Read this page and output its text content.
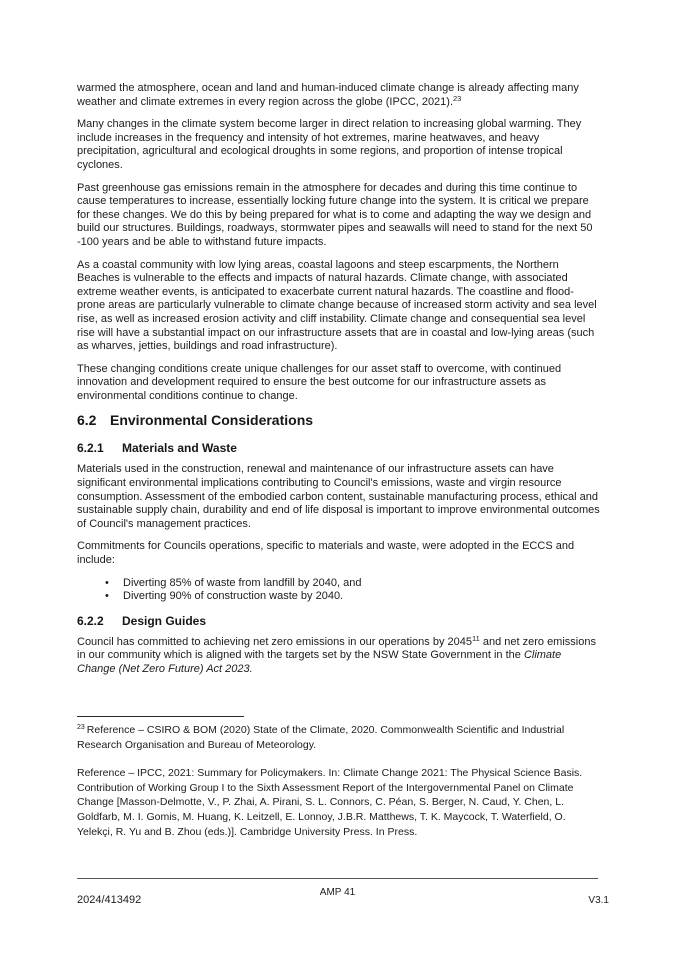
warmed the atmosphere, ocean and land and human-induced climate change is already affecting many weather and climate extremes in every region across the globe (IPCC, 2021).$^{23}$

Many changes in the climate system become larger in direct relation to increasing global warming. They include increases in the frequency and intensity of hot extremes, marine heatwaves, and heavy precipitation, agricultural and ecological droughts in some regions, and proportion of intense tropical cyclones.

Past greenhouse gas emissions remain in the atmosphere for decades and during this time continue to cause temperatures to increase, essentially locking future change into the system. It is critical we prepare for these changes. We do this by being prepared for what is to come and adapting the way we design and build our structures. Buildings, roadways, stormwater pipes and seawalls will need to stand for the next 50 -100 years and be able to withstand future impacts.

As a coastal community with low lying areas, coastal lagoons and steep escarpments, the Northern Beaches is vulnerable to the effects and impacts of natural hazards. Climate change, with associated extreme weather events, is anticipated to exacerbate current natural hazards. The coastline and flood-prone areas are particularly vulnerable to climate change because of increased storm activity and sea level rise, as well as increased erosion activity and cliff instability. Climate change and consequential sea level rise will have a substantial impact on our infrastructure assets that are in coastal and low-lying areas (such as wharves, jetties, buildings and road infrastructure).

These changing conditions create unique challenges for our asset staff to overcome, with continued innovation and development required to ensure the best outcome for our infrastructure assets as environmental conditions continue to change.

6.2 Environmental Considerations
6.2.1 Materials and Waste

Materials used in the construction, renewal and maintenance of our infrastructure assets can have significant environmental implications contributing to Council's emissions, waste and virgin resource consumption. Assessment of the embodied carbon content, sustainable manufacturing process, ethical and sustainable supply chain, durability and end of life disposal is important to improve environmental outcomes of Council's management practices.

Commitments for Councils operations, specific to materials and waste, were adopted in the ECCS and include:

• Diverting 85% of waste from landfill by 2040, and
• Diverting 90% of construction waste by 2040.
6.2.2 Design Guides

Council has committed to achieving net zero emissions in our operations by 2045$^{11}$ and net zero emissions in our community which is aligned with the targets set by the NSW State Government in the Climate Change (Net Zero Future) Act 2023.

$^{23}$ Reference – CSIRO & BOM (2020) State of the Climate, 2020. Commonwealth Scientific and Industrial Research Organisation and Bureau of Meteorology.

Reference – IPCC, 2021: Summary for Policymakers. In: Climate Change 2021: The Physical Science Basis. Contribution of Working Group I to the Sixth Assessment Report of the Intergovernmental Panel on Climate Change [Masson-Delmotte, V., P. Zhai, A. Pirani, S. L. Connors, C. Péan, S. Berger, N. Caud, Y. Chen, L. Goldfarb, M. I. Gomis, M. Huang, K. Leitzell, E. Lonnoy, J.B.R. Matthews, T. K. Maycock, T. Waterfield, O. Yelekçi, R. Yu and B. Zhou (eds.)]. Cambridge University Press. In Press.

AMP 41
2024/413492	V3.1
